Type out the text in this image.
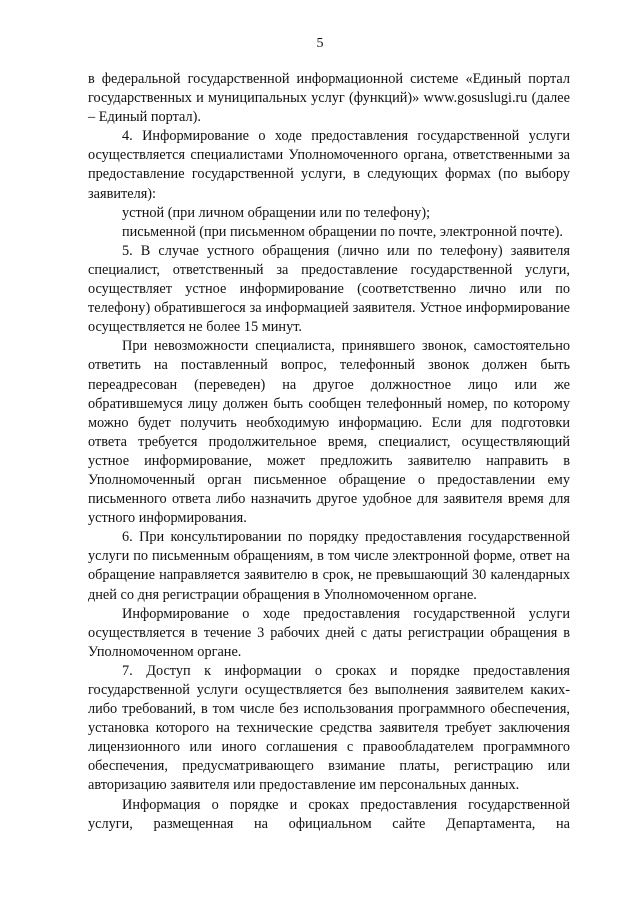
5

в федеральной государственной информационной системе «Единый портал государственных и муниципальных услуг (функций)» www.gosuslugi.ru (далее – Единый портал).

4. Информирование о ходе предоставления государственной услуги осуществляется специалистами Уполномоченного органа, ответственными за предоставление государственной услуги, в следующих формах (по выбору заявителя):

устной (при личном обращении или по телефону);

письменной (при письменном обращении по почте, электронной почте).

5. В случае устного обращения (лично или по телефону) заявителя специалист, ответственный за предоставление государственной услуги, осуществляет устное информирование (соответственно лично или по телефону) обратившегося за информацией заявителя. Устное информирование осуществляется не более 15 минут.

При невозможности специалиста, принявшего звонок, самостоятельно ответить на поставленный вопрос, телефонный звонок должен быть переадресован (переведен) на другое должностное лицо или же обратившемуся лицу должен быть сообщен телефонный номер, по которому можно будет получить необходимую информацию. Если для подготовки ответа требуется продолжительное время, специалист, осуществляющий устное информирование, может предложить заявителю направить в Уполномоченный орган письменное обращение о предоставлении ему письменного ответа либо назначить другое удобное для заявителя время для устного информирования.

6. При консультировании по порядку предоставления государственной услуги по письменным обращениям, в том числе электронной форме, ответ на обращение направляется заявителю в срок, не превышающий 30 календарных дней со дня регистрации обращения в Уполномоченном органе.

Информирование о ходе предоставления государственной услуги осуществляется в течение 3 рабочих дней с даты регистрации обращения в Уполномоченном органе.

7. Доступ к информации о сроках и порядке предоставления государственной услуги осуществляется без выполнения заявителем каких-либо требований, в том числе без использования программного обеспечения, установка которого на технические средства заявителя требует заключения лицензионного или иного соглашения с правообладателем программного обеспечения, предусматривающего взимание платы, регистрацию или авторизацию заявителя или предоставление им персональных данных.

Информация о порядке и сроках предоставления государственной услуги, размещенная на официальном сайте Департамента, на
